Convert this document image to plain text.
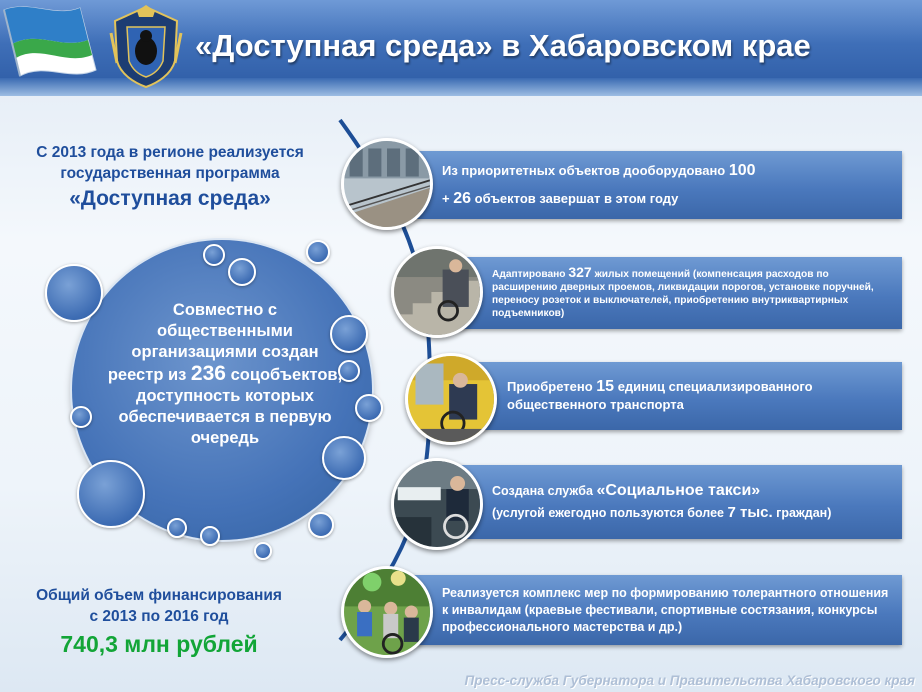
«Доступная среда» в Хабаровском крае
С 2013 года в регионе реализуется
государственная программа
«Доступная среда»
Совместно с общественными организациями создан реестр из 236 соцобъектов, доступность которых обеспечивается в первую очередь
Общий объем финансирования
с 2013 по 2016 год
740,3 млн рублей
Из приоритетных объектов дооборудовано 100
+ 26 объектов завершат в этом году
Адаптировано 327 жилых помещений (компенсация расходов по расширению дверных проемов, ликвидации порогов, установке поручней, переносу розеток и выключателей, приобретению внутриквартирных подъемников)
Приобретено 15 единиц специализированного общественного транспорта
Создана служба «Социальное такси»
(услугой ежегодно пользуются более 7 тыс. граждан)
Реализуется комплекс мер по формированию толерантного отношения к инвалидам (краевые фестивали, спортивные состязания, конкурсы профессионального мастерства и др.)
Пресс-служба Губернатора и Правительства Хабаровского края
